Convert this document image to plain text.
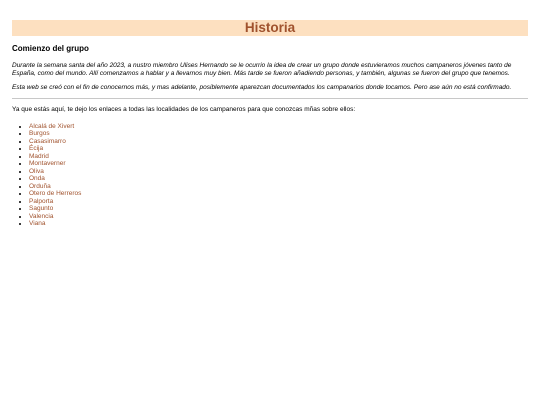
Historia
Comienzo del grupo

Durante la semana santa del año 2023, a nustro miembro Ulises Hernando se le ocurrio la idea de crear un grupo donde estuvieramos muchos campaneros jóvenes tanto de España, como del mundo. Allí comenzamos a hablar y a llevarnos muy bien. Más tarde se fueron añadiendo personas, y también, algunas se fueron del grupo que tenemos.

Esta web se creó con el fin de conocernos más, y mas adelante, posiblemente aparezcan documentados los campanarios donde tocamos. Pero ase aún no está confirmado.

Ya que estás aquí, te dejo los enlaces a todas las localidades de los campaneros para que conozcas mñas sobre ellos:

• Alcalá de Xivert
• Burgos
• Casasimarro
• Écija
• Madrid
• Montaverner
• Oliva
• Onda
• Orduña
• Otero de Herreros
• Palporta
• Sagunto
• Valencia
• Viana
